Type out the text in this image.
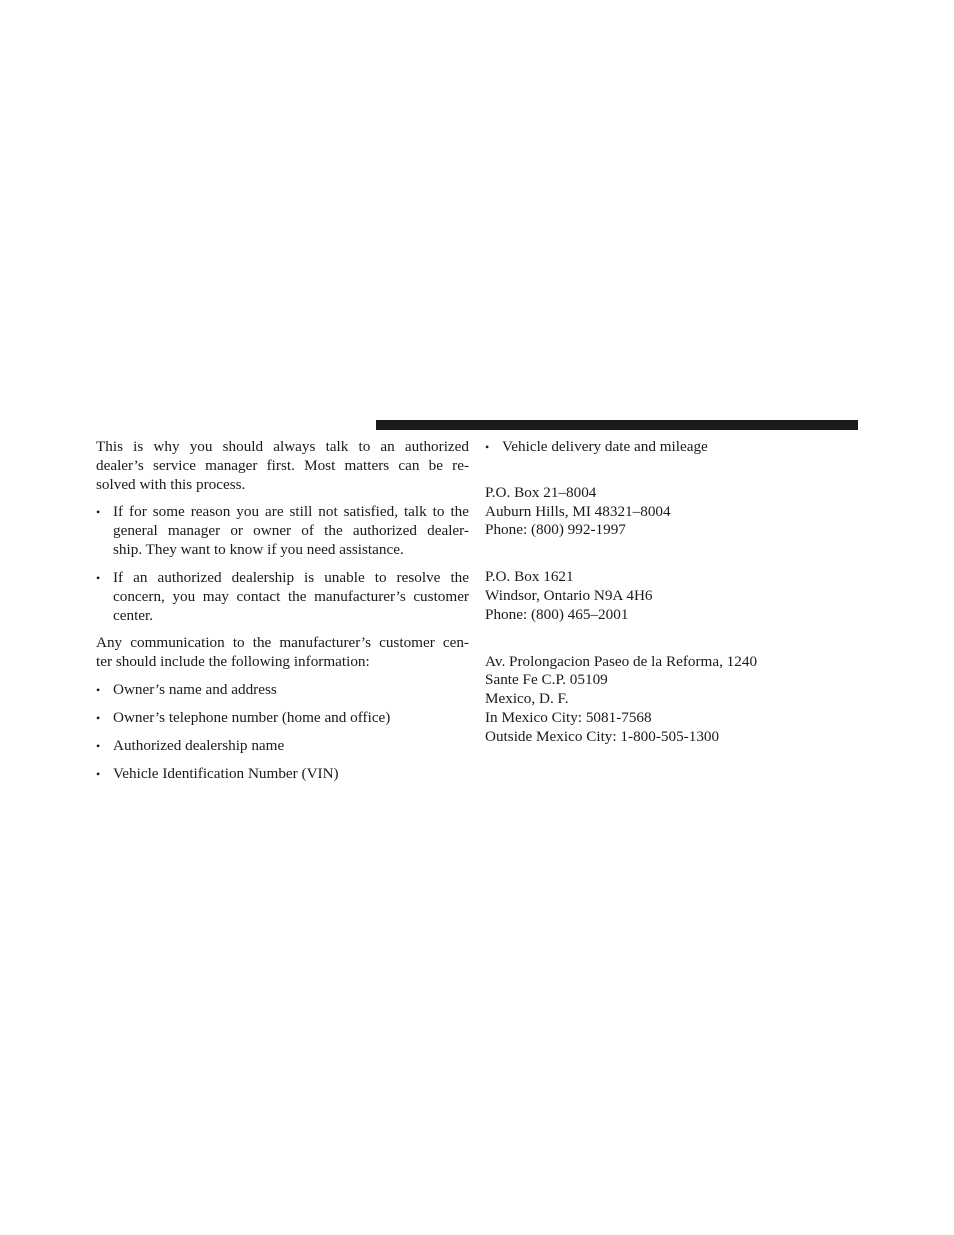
This is why you should always talk to an authorized
dealer’s service manager first. Most matters can be re-
solved with this process.

• If for some reason you are still not satisfied, talk to the
general manager or owner of the authorized dealer-
ship. They want to know if you need assistance.
• If an authorized dealership is unable to resolve the
concern, you may contact the manufacturer’s customer
center.

Any communication to the manufacturer’s customer cen-
ter should include the following information:

• Owner’s name and address
• Owner’s telephone number (home and office)
• Authorized dealership name
• Vehicle Identification Number (VIN)
• Vehicle delivery date and mileage

P.O. Box 21–8004
Auburn Hills, MI 48321–8004
Phone: (800) 992-1997

P.O. Box 1621
Windsor, Ontario N9A 4H6
Phone: (800) 465–2001

Av. Prolongacion Paseo de la Reforma, 1240
Sante Fe C.P. 05109
Mexico, D. F.
In Mexico City: 5081-7568
Outside Mexico City: 1-800-505-1300
